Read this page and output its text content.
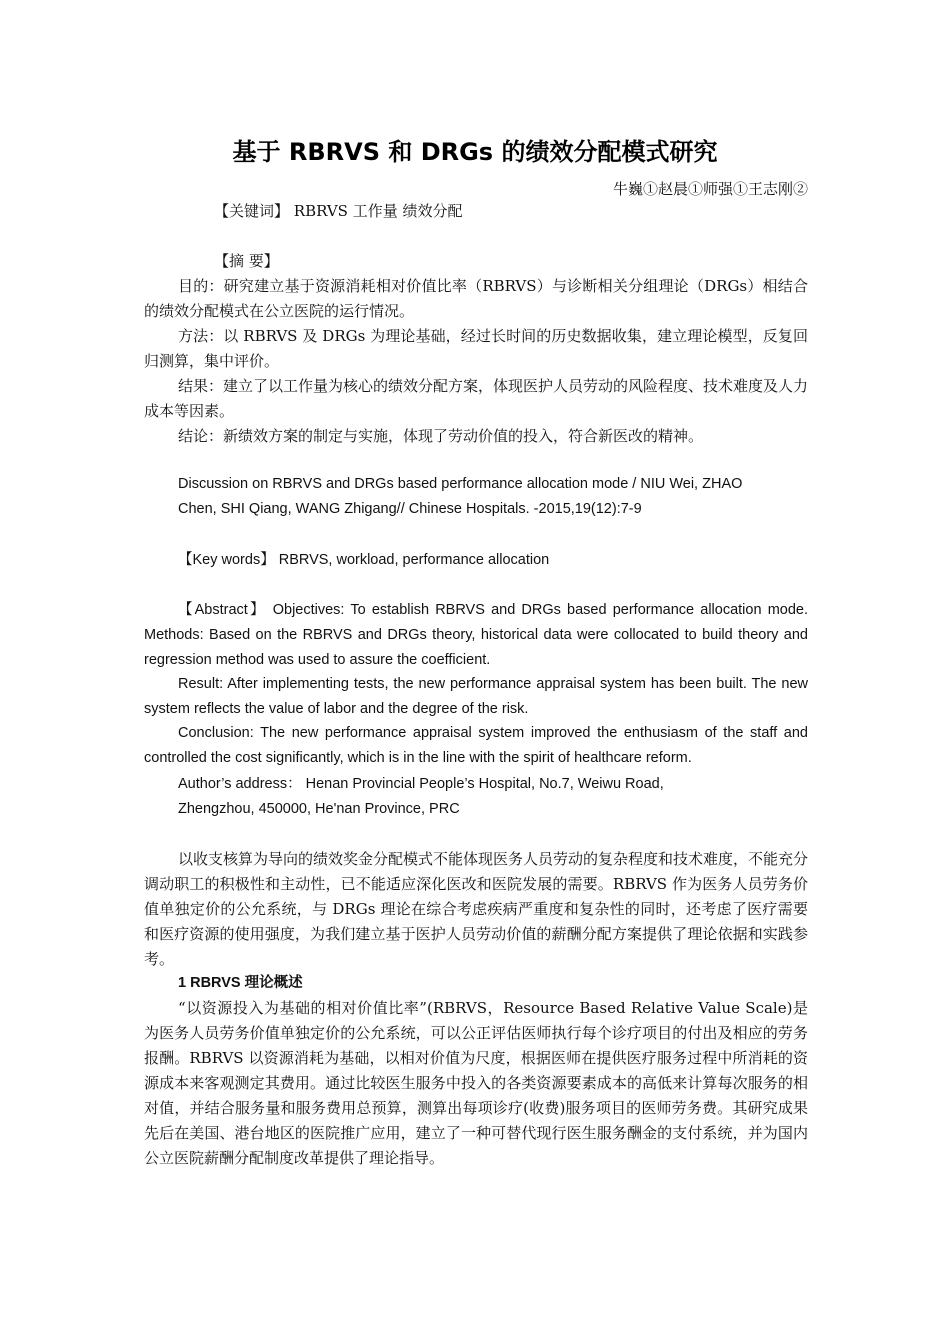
基于 RBRVS 和 DRGs 的绩效分配模式研究
牛巍①赵晨①师强①王志刚②
【关键词】 RBRVS 工作量 绩效分配
【摘 要】
目的：研究建立基于资源消耗相对价值比率（RBRVS）与诊断相关分组理论（DRGs）相结合的绩效分配模式在公立医院的运行情况。
方法：以 RBRVS 及 DRGs 为理论基础，经过长时间的历史数据收集，建立理论模型，反复回归测算，集中评价。
结果：建立了以工作量为核心的绩效分配方案，体现医护人员劳动的风险程度、技术难度及人力成本等因素。
结论：新绩效方案的制定与实施，体现了劳动价值的投入，符合新医改的精神。
Discussion on RBRVS and DRGs based performance allocation mode / NIU Wei, ZHAO
Chen, SHI Qiang, WANG Zhigang// Chinese Hospitals. -2015,19(12):7-9
【Key words】 RBRVS, workload, performance allocation
【Abstract】 Objectives: To establish RBRVS and DRGs based performance allocation mode. Methods: Based on the RBRVS and DRGs theory, historical data were collocated to build theory and regression method was used to assure the coefficient.
Result: After implementing tests, the new performance appraisal system has been built. The new system reflects the value of labor and the degree of the risk.
Conclusion: The new performance appraisal system improved the enthusiasm of the staff and controlled the cost significantly, which is in the line with the spirit of healthcare reform.
Author’s address： Henan Provincial People’s Hospital, No.7, Weiwu Road,
Zhengzhou, 450000, He'nan Province, PRC
以收支核算为导向的绩效奖金分配模式不能体现医务人员劳动的复杂程度和技术难度，不能充分调动职工的积极性和主动性，已不能适应深化医改和医院发展的需要。RBRVS 作为医务人员劳务价值单独定价的公允系统，与 DRGs 理论在综合考虑疾病严重度和复杂性的同时，还考虑了医疗需要和医疗资源的使用强度，为我们建立基于医护人员劳动价值的薪酬分配方案提供了理论依据和实践参考。
1 RBRVS 理论概述
“以资源投入为基础的相对价值比率”(RBRVS，Resource Based Relative Value Scale)是为医务人员劳务价值单独定价的公允系统，可以公正评估医师执行每个诊疗项目的付出及相应的劳务报酬。RBRVS 以资源消耗为基础，以相对价值为尺度，根据医师在提供医疗服务过程中所消耗的资源成本来客观测定其费用。通过比较医生服务中投入的各类资源要素成本的高低来计算每次服务的相对值，并结合服务量和服务费用总预算，测算出每项诊疗(收费)服务项目的医师劳务费。其研究成果先后在美国、港台地区的医院推广应用，建立了一种可替代现行医生服务酬金的支付系统，并为国内公立医院薪酬分配制度改革提供了理论指导。
